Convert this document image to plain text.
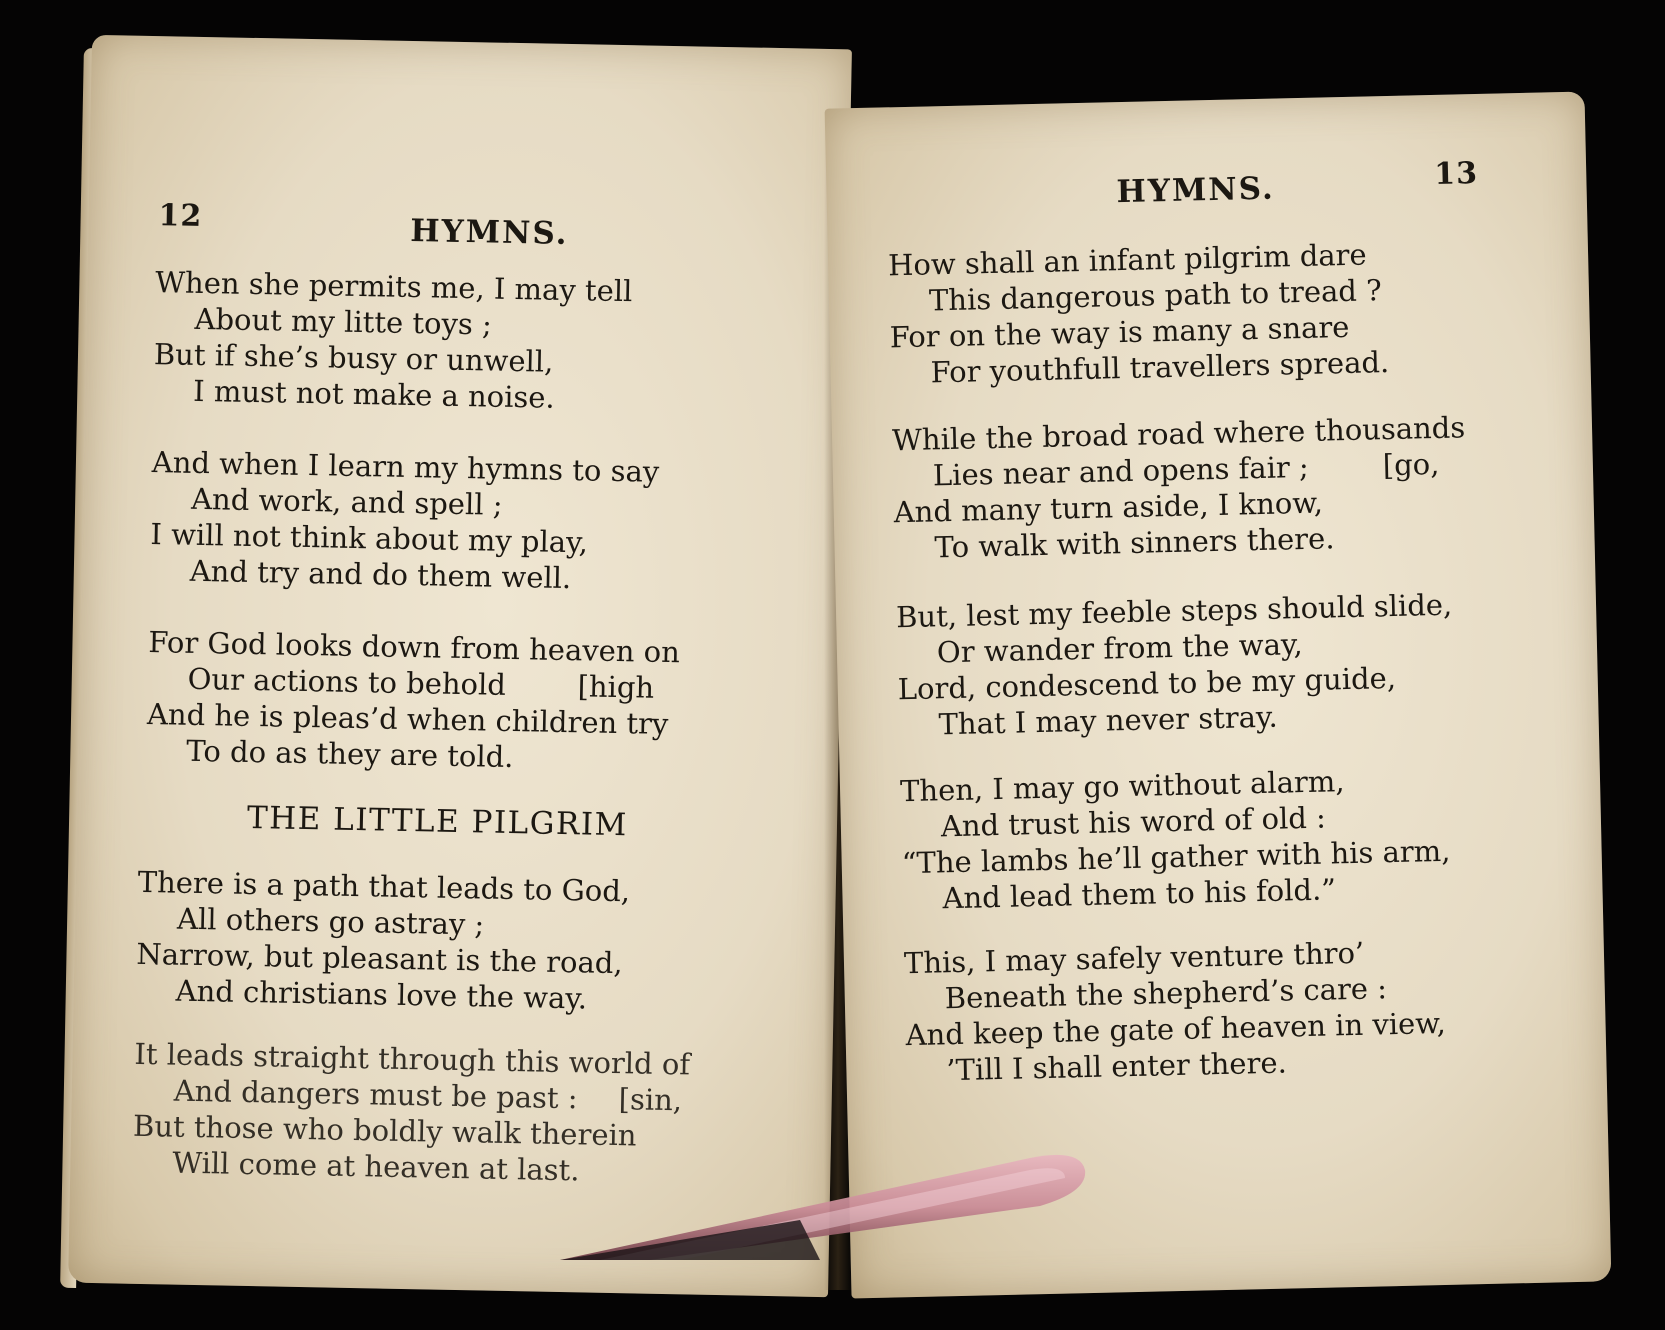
12	HYMNS.
When she permits me, I may tell
About my litte toys ;
But if she’s busy or unwell,
I must not make a noise.
And when I learn my hymns to say
And work, and spell ;
I will not think about my play,
And try and do them well.
For God looks down from heaven on
Our actions to behold [high
And he is pleas’d when children try
To do as they are told.
THE LITTLE PILGRIM
There is a path that leads to God,
All others go astray ;
Narrow, but pleasant is the road,
And christians love the way.
It leads straight through this world of
And dangers must be past : [sin,
But those who boldly walk therein
Will come at heaven at last.
HYMNS.	13
How shall an infant pilgrim dare
This dangerous path to tread ?
For on the way is many a snare
For youthfull travellers spread.
While the broad road where thousands
Lies near and opens fair ;	[go,
And many turn aside, I know,
To walk with sinners there.
But, lest my feeble steps should slide,
Or wander from the way,
Lord, condescend to be my guide,
That I may never stray.
Then, I may go without alarm,
And trust his word of old :
“The lambs he’ll gather with his arm,
And lead them to his fold.”
This, I may safely venture thro’
Beneath the shepherd’s care :
And keep the gate of heaven in view,
’Till I shall enter there.
